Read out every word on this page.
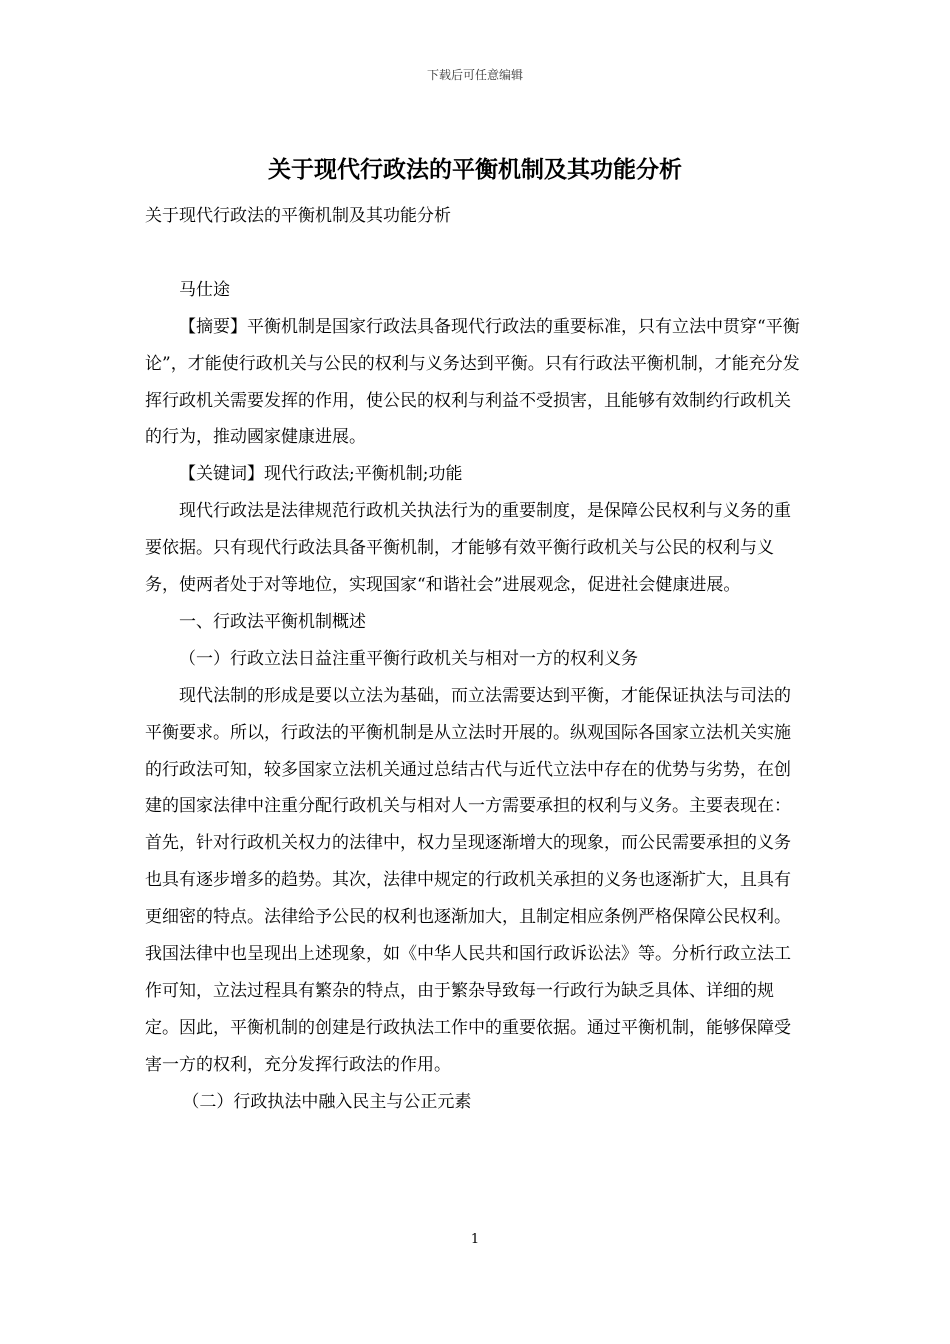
下载后可任意编辑
关于现代行政法的平衡机制及其功能分析

关于现代行政法的平衡机制及其功能分析

马仕途

【摘要】平衡机制是国家行政法具备现代行政法的重要标准，只有立法中贯穿“平衡论”，才能使行政机关与公民的权利与义务达到平衡。只有行政法平衡机制，才能充分发挥行政机关需要发挥的作用，使公民的权利与利益不受损害，且能够有效制约行政机关的行为，推动國家健康进展。

【关键词】现代行政法;平衡机制;功能

现代行政法是法律规范行政机关执法行为的重要制度，是保障公民权利与义务的重要依据。只有现代行政法具备平衡机制，才能够有效平衡行政机关与公民的权利与义务，使两者处于对等地位，实现国家“和谐社会”进展观念，促进社会健康进展。

一、行政法平衡机制概述

（一）行政立法日益注重平衡行政机关与相对一方的权利义务

现代法制的形成是要以立法为基础，而立法需要达到平衡，才能保证执法与司法的平衡要求。所以，行政法的平衡机制是从立法时开展的。纵观国际各国家立法机关实施的行政法可知，较多国家立法机关通过总结古代与近代立法中存在的优势与劣势，在创建的国家法律中注重分配行政机关与相对人一方需要承担的权利与义务。主要表现在：首先，针对行政机关权力的法律中，权力呈现逐渐增大的现象，而公民需要承担的义务也具有逐步增多的趋势。其次，法律中规定的行政机关承担的义务也逐渐扩大，且具有更细密的特点。法律给予公民的权利也逐渐加大，且制定相应条例严格保障公民权利。我国法律中也呈现出上述现象，如《中华人民共和国行政诉讼法》等。分析行政立法工作可知，立法过程具有繁杂的特点，由于繁杂导致每一行政行为缺乏具体、详细的规定。因此，平衡机制的创建是行政执法工作中的重要依据。通过平衡机制，能够保障受害一方的权利，充分发挥行政法的作用。

（二）行政执法中融入民主与公正元素

1
